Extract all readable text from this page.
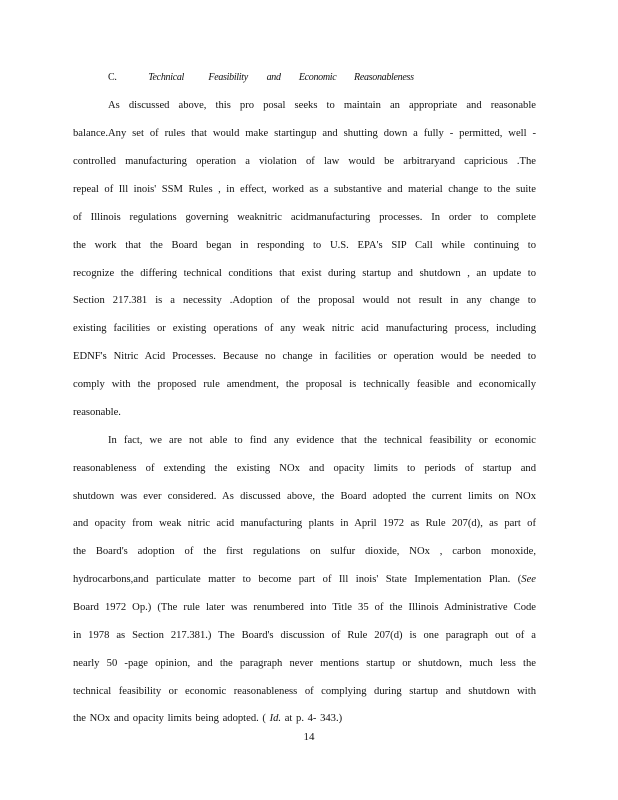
C.	Technical Feasibility and Economic Reasonableness
As discussed above, this pro posal seeks to maintain an appropriate and reasonable
balance.Any set of rules that would make startingup and shutting down a fully - permitted, well -
controlled manufacturing operation a violation of law would be arbitraryand capricious .The
repeal of Ill inois' SSM Rules , in effect, worked as a substantive and material change to the suite
of Illinois regulations governing weaknitric acidmanufacturing processes. In order to complete
the work that the Board began in responding to U.S. EPA's SIP Call while continuing to
recognize the differing technical conditions that exist during startup and shutdown , an update to
Section 217.381 is a necessity .Adoption of the proposal would not result in any change to
existing facilities or existing operations of any weak nitric acid manufacturing process, including
EDNF's Nitric Acid Processes. Because no change in facilities or operation would be needed to
comply with the proposed rule amendment, the proposal is technically feasible and economically
reasonable.
In fact, we are not able to find any evidence that the technical feasibility or economic
reasonableness of extending the existing NOx and opacity limits to periods of startup and
shutdown was ever considered. As discussed above, the Board adopted the current limits on NOx
and opacity from weak nitric acid manufacturing plants in April 1972 as Rule 207(d), as part of
the Board's adoption of the first regulations on sulfur dioxide, NOx , carbon monoxide,
hydrocarbons,and particulate matter to become part of Ill inois' State Implementation Plan. (See
Board 1972 Op.) (The rule later was renumbered into Title 35 of the Illinois Administrative Code
in 1978 as Section 217.381.) The Board's discussion of Rule 207(d) is one paragraph out of a
nearly 50 -page opinion, and the paragraph never mentions startup or shutdown, much less the
technical feasibility or economic reasonableness of complying during startup and shutdown with
the NOx and opacity limits being adopted. ( Id. at p. 4- 343.)
14
